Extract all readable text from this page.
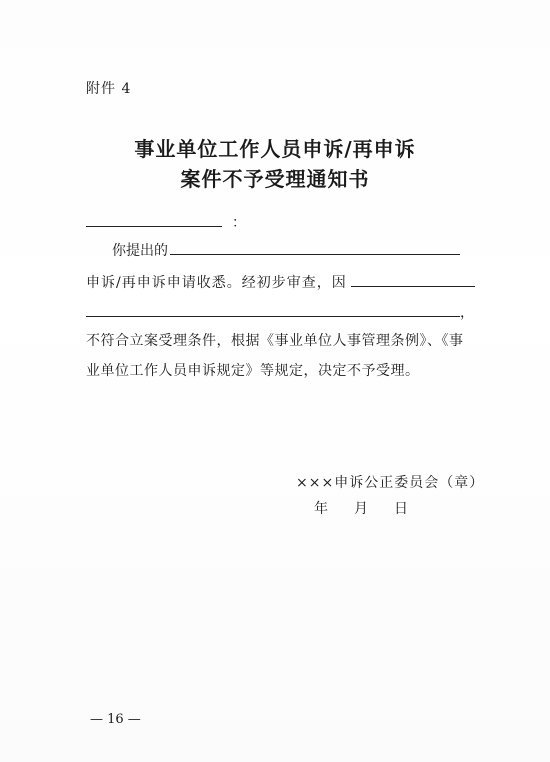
附件 4
事业单位工作人员申诉/再申诉
案件不予受理通知书
：
你提出的
申诉/再申诉申请收悉。经初步审查，因
，
不符合立案受理条件，根据《事业单位人事管理条例》、《事
业单位工作人员申诉规定》等规定，决定不予受理。
×××申诉公正委员会（章）
年 月 日
— 16 —
